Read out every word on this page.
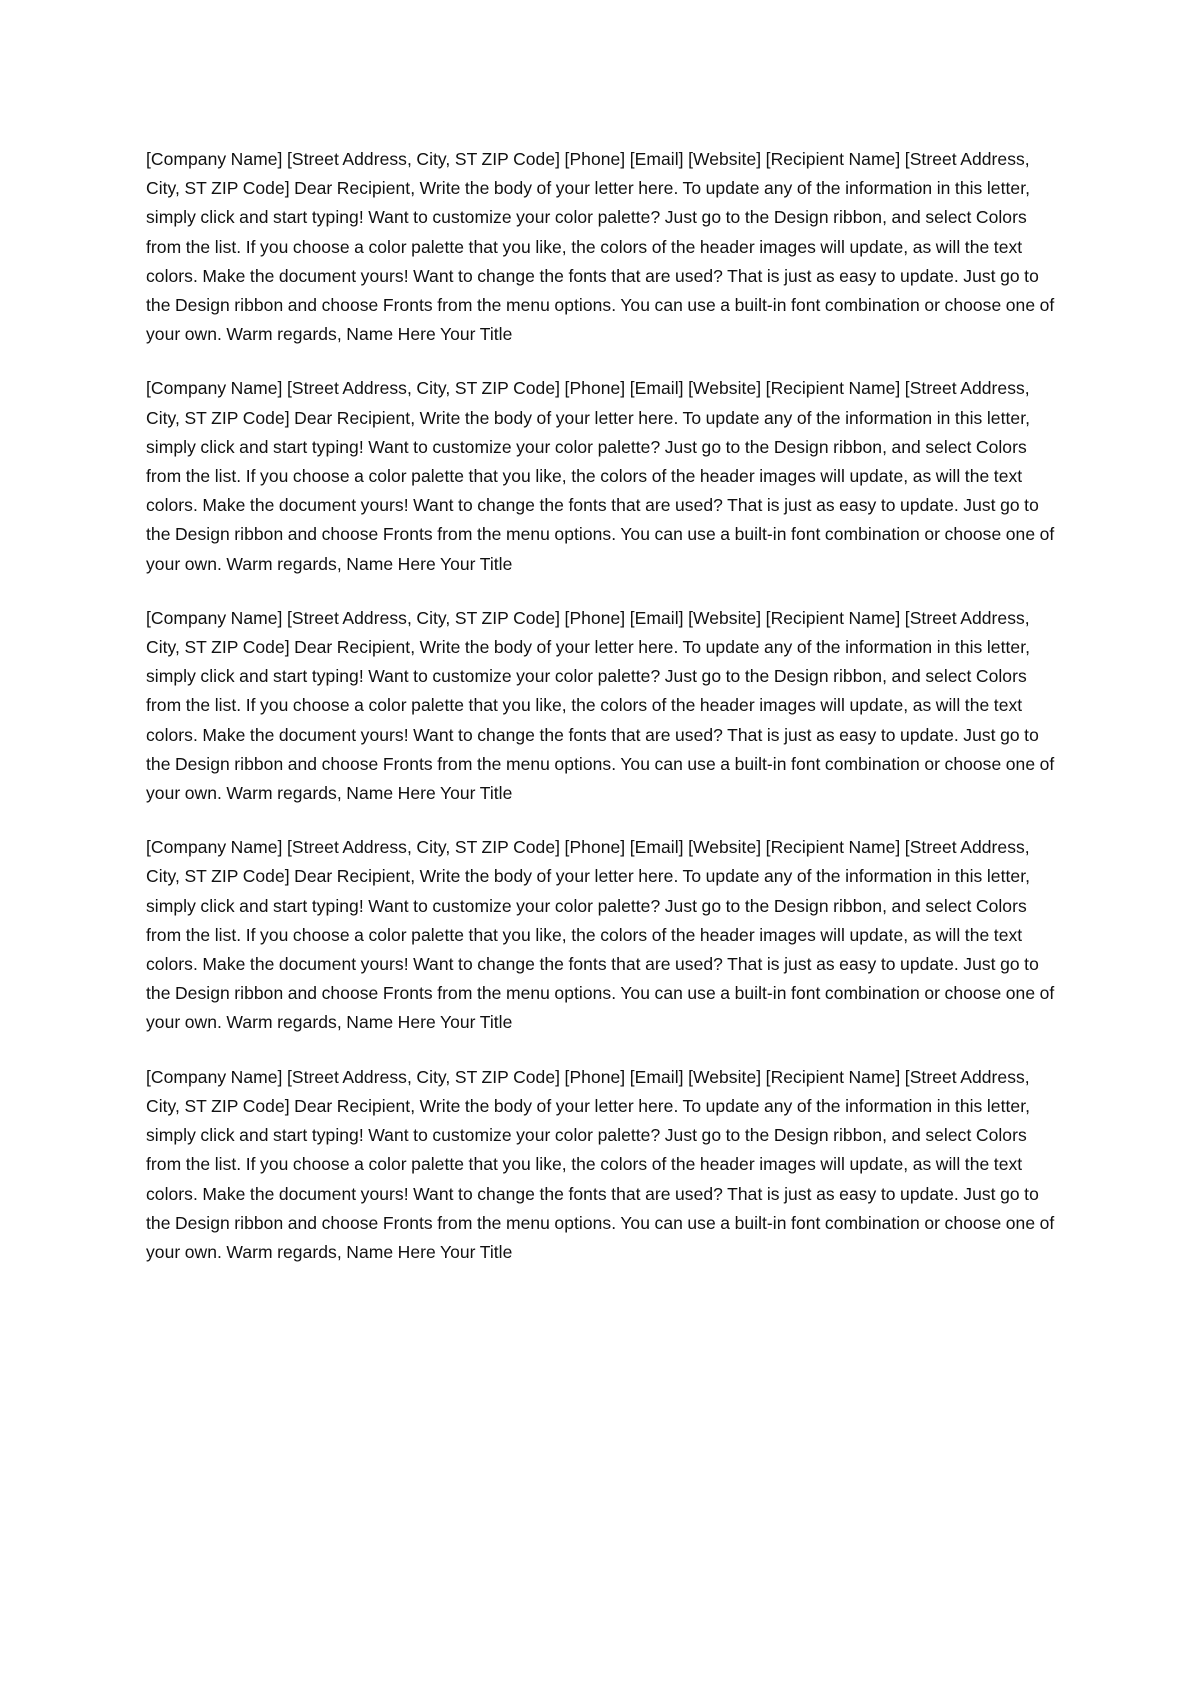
[Company Name] [Street Address, City, ST ZIP Code] [Phone] [Email] [Website] [Recipient Name] [Street Address, City, ST ZIP Code] Dear Recipient, Write the body of your letter here. To update any of the information in this letter, simply click and start typing! Want to customize your color palette? Just go to the Design ribbon, and select Colors from the list. If you choose a color palette that you like, the colors of the header images will update, as will the text colors. Make the document yours! Want to change the fonts that are used? That is just as easy to update. Just go to the Design ribbon and choose Fronts from the menu options. You can use a built-in font combination or choose one of your own. Warm regards, Name Here Your Title

[Company Name] [Street Address, City, ST ZIP Code] [Phone] [Email] [Website] [Recipient Name] [Street Address, City, ST ZIP Code] Dear Recipient, Write the body of your letter here. To update any of the information in this letter, simply click and start typing! Want to customize your color palette? Just go to the Design ribbon, and select Colors from the list. If you choose a color palette that you like, the colors of the header images will update, as will the text colors. Make the document yours! Want to change the fonts that are used? That is just as easy to update. Just go to the Design ribbon and choose Fronts from the menu options. You can use a built-in font combination or choose one of your own. Warm regards, Name Here Your Title

[Company Name] [Street Address, City, ST ZIP Code] [Phone] [Email] [Website] [Recipient Name] [Street Address, City, ST ZIP Code] Dear Recipient, Write the body of your letter here. To update any of the information in this letter, simply click and start typing! Want to customize your color palette? Just go to the Design ribbon, and select Colors from the list. If you choose a color palette that you like, the colors of the header images will update, as will the text colors. Make the document yours! Want to change the fonts that are used? That is just as easy to update. Just go to the Design ribbon and choose Fronts from the menu options. You can use a built-in font combination or choose one of your own. Warm regards, Name Here Your Title

[Company Name] [Street Address, City, ST ZIP Code] [Phone] [Email] [Website] [Recipient Name] [Street Address, City, ST ZIP Code] Dear Recipient, Write the body of your letter here. To update any of the information in this letter, simply click and start typing! Want to customize your color palette? Just go to the Design ribbon, and select Colors from the list. If you choose a color palette that you like, the colors of the header images will update, as will the text colors. Make the document yours! Want to change the fonts that are used? That is just as easy to update. Just go to the Design ribbon and choose Fronts from the menu options. You can use a built-in font combination or choose one of your own. Warm regards, Name Here Your Title

[Company Name] [Street Address, City, ST ZIP Code] [Phone] [Email] [Website] [Recipient Name] [Street Address, City, ST ZIP Code] Dear Recipient, Write the body of your letter here. To update any of the information in this letter, simply click and start typing! Want to customize your color palette? Just go to the Design ribbon, and select Colors from the list. If you choose a color palette that you like, the colors of the header images will update, as will the text colors. Make the document yours! Want to change the fonts that are used? That is just as easy to update. Just go to the Design ribbon and choose Fronts from the menu options. You can use a built-in font combination or choose one of your own. Warm regards, Name Here Your Title
